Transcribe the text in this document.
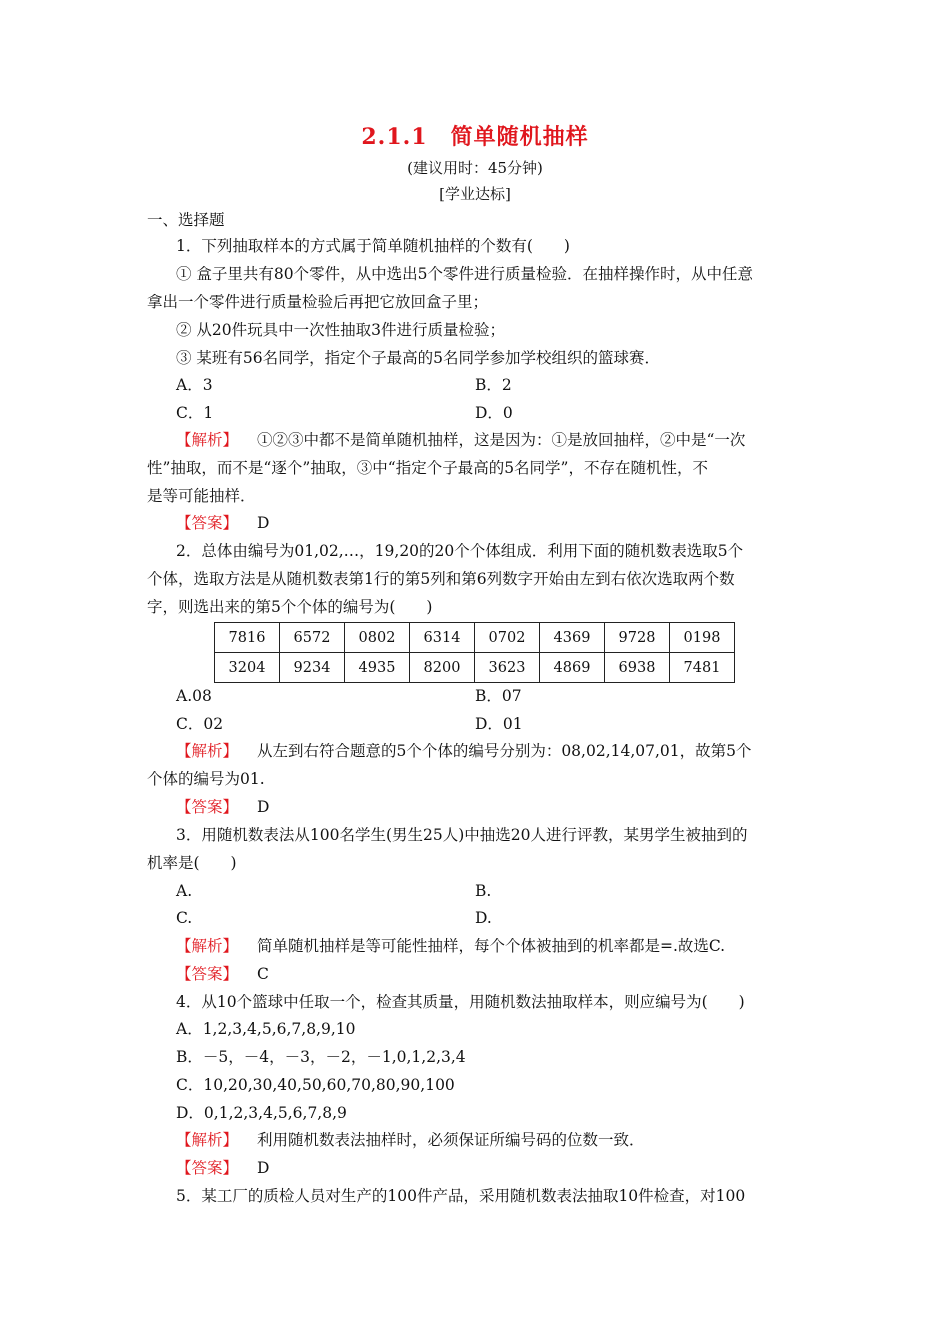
2.1.1　简单随机抽样
(建议用时：45分钟)
[学业达标]
一、选择题
1．下列抽取样本的方式属于简单随机抽样的个数有(　　)
① 盒子里共有80个零件，从中选出5个零件进行质量检验．在抽样操作时，从中任意
拿出一个零件进行质量检验后再把它放回盒子里；
② 从20件玩具中一次性抽取3件进行质量检验；
③ 某班有56名同学，指定个子最高的5名同学参加学校组织的篮球赛．
A．3	B．2
C．1	D．0
【解析】 ①②③中都不是简单随机抽样，这是因为：①是放回抽样，②中是“一次
性”抽取，而不是“逐个”抽取，③中“指定个子最高的5名同学”，不存在随机性，不
是等可能抽样．
【答案】 D
2．总体由编号为01,02,…，19,20的20个个体组成．利用下面的随机数表选取5个
个体，选取方法是从随机数表第1行的第5列和第6列数字开始由左到右依次选取两个数
字，则选出来的第5个个体的编号为(　　)
7816	6572	0802	6314	0702	4369	9728	0198
3204	9234	4935	8200	3623	4869	6938	7481
A.08	B．07
C．02	D．01
【解析】 从左到右符合题意的5个个体的编号分别为：08,02,14,07,01，故第5个
个体的编号为01.
【答案】 D
3．用随机数表法从100名学生(男生25人)中抽选20人进行评教，某男学生被抽到的
机率是(　　)
A.	B.
C.	D.
【解析】 简单随机抽样是等可能性抽样，每个个体被抽到的机率都是=.故选C.
【答案】 C
4．从10个篮球中任取一个，检查其质量，用随机数法抽取样本，则应编号为(　　)
A．1,2,3,4,5,6,7,8,9,10
B．－5，－4，－3，－2，－1,0,1,2,3,4
C．10,20,30,40,50,60,70,80,90,100
D．0,1,2,3,4,5,6,7,8,9
【解析】 利用随机数表法抽样时，必须保证所编号码的位数一致．
【答案】 D
5．某工厂的质检人员对生产的100件产品，采用随机数表法抽取10件检查，对100
